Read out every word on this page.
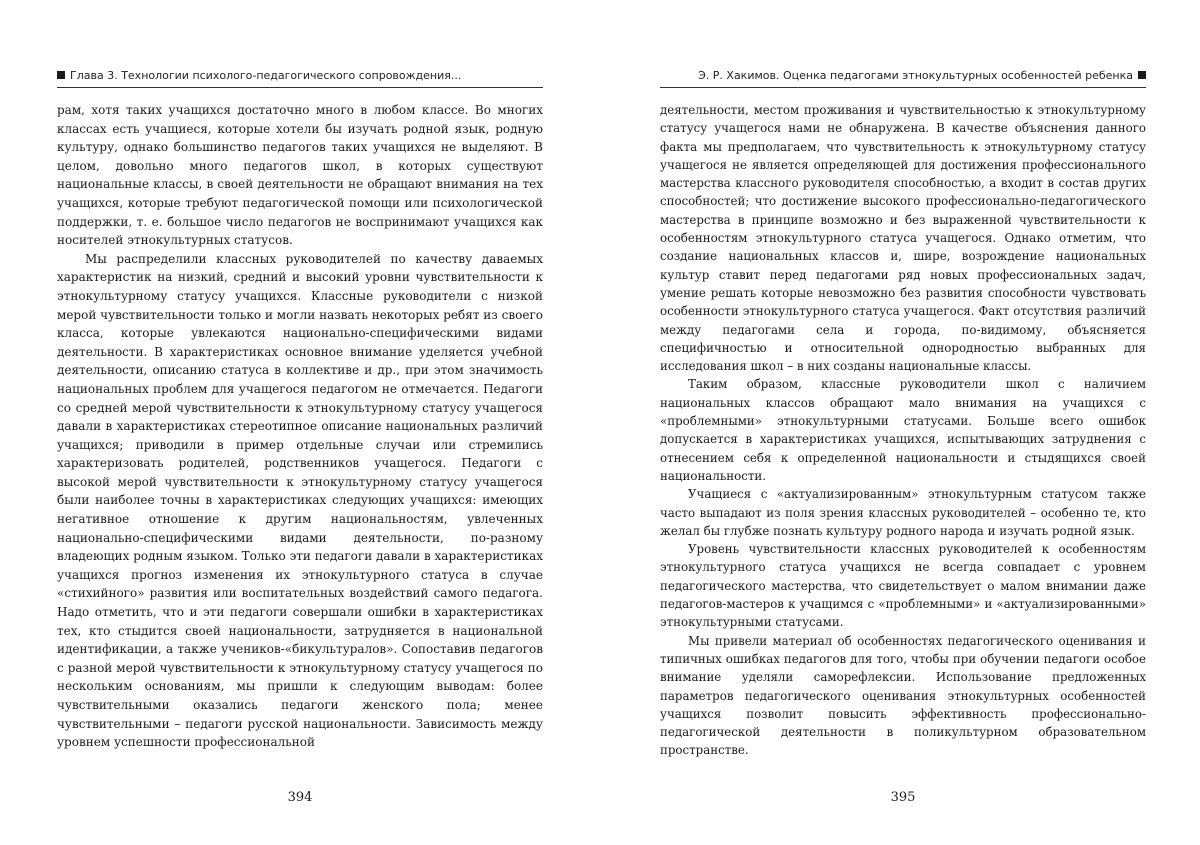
Глава 3. Технологии психолого-педагогического сопровождения...

рам, хотя таких учащихся достаточно много в любом классе. Во многих классах есть учащиеся, которые хотели бы изучать родной язык, родную культуру, однако большинство педагогов таких учащихся не выделяют. В целом, довольно много педагогов школ, в которых существуют национальные классы, в своей деятельности не обращают внимания на тех учащихся, которые требуют педагогической помощи или психологической поддержки, т. е. большое число педагогов не воспринимают учащихся как носителей этнокультурных статусов.

Мы распределили классных руководителей по качеству даваемых характеристик на низкий, средний и высокий уровни чувствительности к этнокультурному статусу учащихся. Классные руководители с низкой мерой чувствительности только и могли назвать некоторых ребят из своего класса, которые увлекаются национально-специфическими видами деятельности. В характеристиках основное внимание уделяется учебной деятельности, описанию статуса в коллективе и др., при этом значимость национальных проблем для учащегося педагогом не отмечается. Педагоги со средней мерой чувствительности к этнокультурному статусу учащегося давали в характеристиках стереотипное описание национальных различий учащихся; приводили в пример отдельные случаи или стремились характеризовать родителей, родственников учащегося. Педагоги с высокой мерой чувствительности к этнокультурному статусу учащегося были наиболее точны в характеристиках следующих учащихся: имеющих негативное отношение к другим национальностям, увлеченных национально-специфическими видами деятельности, по-разному владеющих родным языком. Только эти педагоги давали в характеристиках учащихся прогноз изменения их этнокультурного статуса в случае «стихийного» развития или воспитательных воздействий самого педагога. Надо отметить, что и эти педагоги совершали ошибки в характеристиках тех, кто стыдится своей национальности, затрудняется в национальной идентификации, а также учеников-«бикультуралов». Сопоставив педагогов с разной мерой чувствительности к этнокультурному статусу учащегося по нескольким основаниям, мы пришли к следующим выводам: более чувствительными оказались педагоги женского пола; менее чувствительными – педагоги русской национальности. Зависимость между уровнем успешности профессиональной

394
Э. Р. Хакимов. Оценка педагогами этнокультурных особенностей ребенка

деятельности, местом проживания и чувствительностью к этнокультурному статусу учащегося нами не обнаружена. В качестве объяснения данного факта мы предполагаем, что чувствительность к этнокультурному статусу учащегося не является определяющей для достижения профессионального мастерства классного руководителя способностью, а входит в состав других способностей; что достижение высокого профессионально-педагогического мастерства в принципе возможно и без выраженной чувствительности к особенностям этнокультурного статуса учащегося. Однако отметим, что создание национальных классов и, шире, возрождение национальных культур ставит перед педагогами ряд новых профессиональных задач, умение решать которые невозможно без развития способности чувствовать особенности этнокультурного статуса учащегося. Факт отсутствия различий между педагогами села и города, по-видимому, объясняется специфичностью и относительной однородностью выбранных для исследования школ – в них созданы национальные классы.

Таким образом, классные руководители школ с наличием национальных классов обращают мало внимания на учащихся с «проблемными» этнокультурными статусами. Больше всего ошибок допускается в характеристиках учащихся, испытывающих затруднения с отнесением себя к определенной национальности и стыдящихся своей национальности.

Учащиеся с «актуализированным» этнокультурным статусом также часто выпадают из поля зрения классных руководителей – особенно те, кто желал бы глубже познать культуру родного народа и изучать родной язык.

Уровень чувствительности классных руководителей к особенностям этнокультурного статуса учащихся не всегда совпадает с уровнем педагогического мастерства, что свидетельствует о малом внимании даже педагогов-мастеров к учащимся с «проблемными» и «актуализированными» этнокультурными статусами.

Мы привели материал об особенностях педагогического оценивания и типичных ошибках педагогов для того, чтобы при обучении педагоги особое внимание уделяли саморефлексии. Использование предложенных параметров педагогического оценивания этнокультурных особенностей учащихся позволит повысить эффективность профессионально-педагогической деятельности в поликультурном образовательном пространстве.

395
